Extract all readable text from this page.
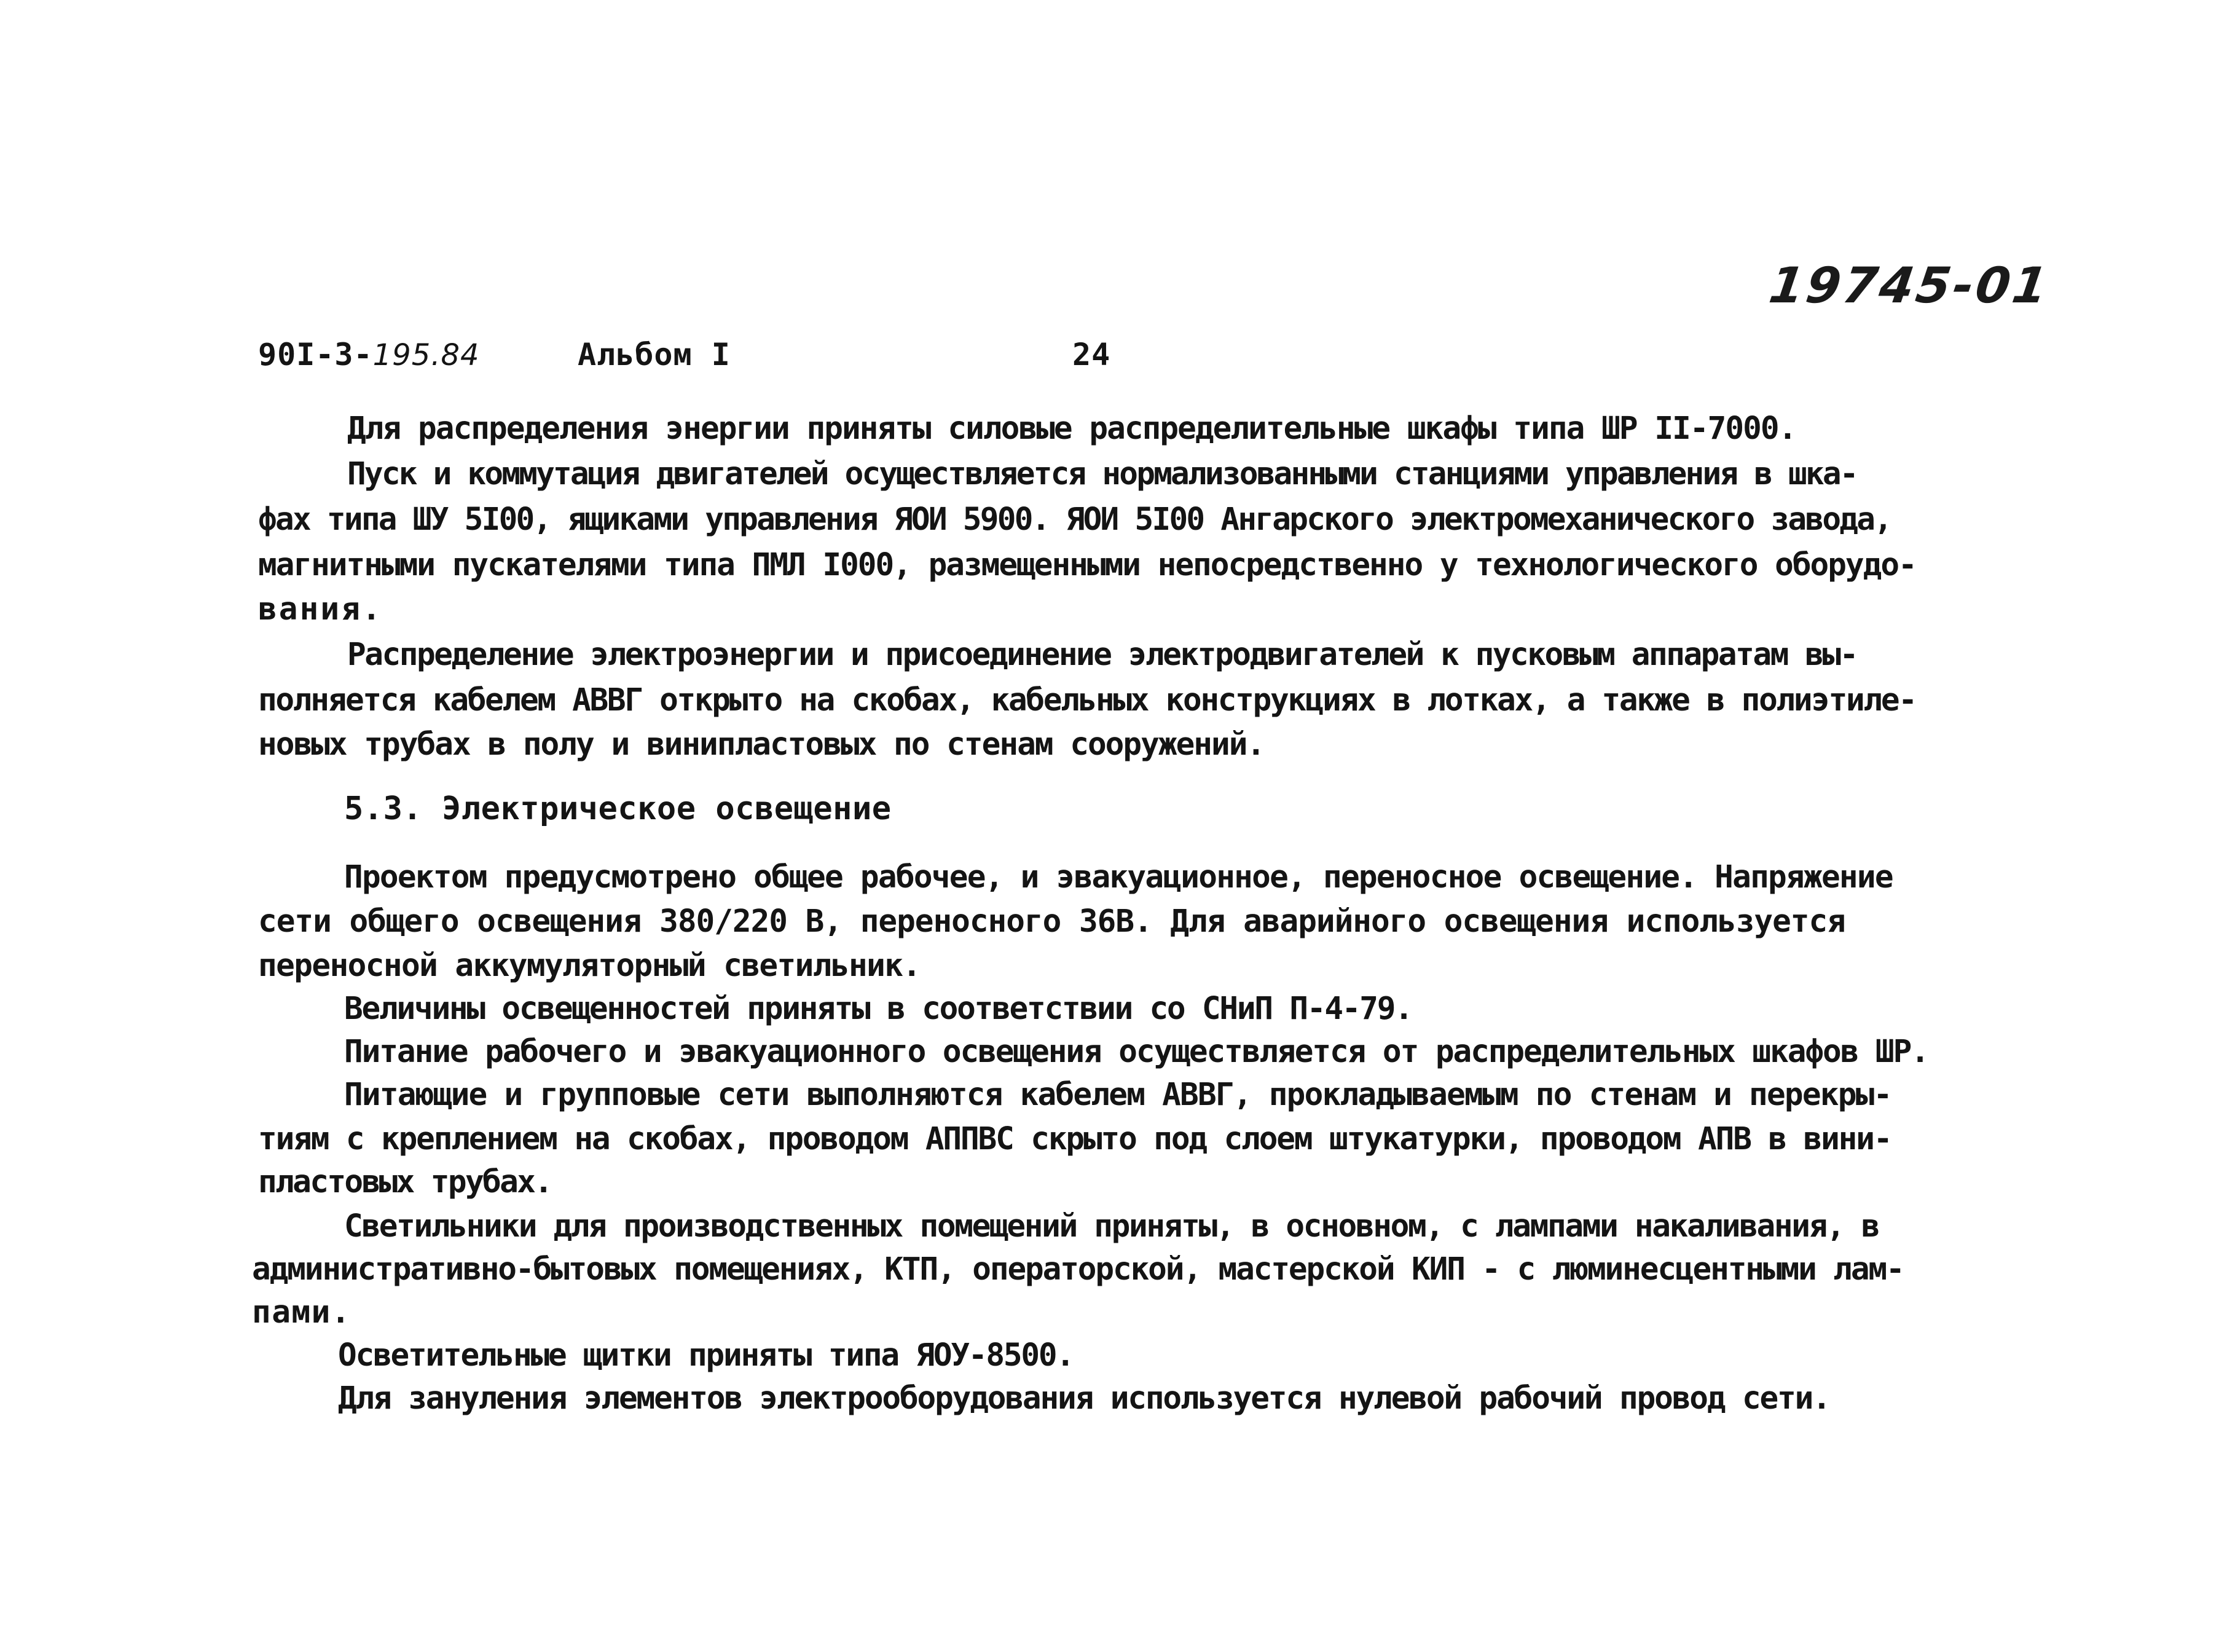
19745-01
90I-3-195.84	Альбом I	24
Для распределения энергии приняты силовые распределительные шкафы типа ШР II-7000.
Пуск и коммутация двигателей осуществляется нормализованными станциями управления в шка-
фах типа ШУ 5I00, ящиками управления ЯОИ 5900. ЯОИ 5I00 Ангарского электромеханического завода,
магнитными пускателями типа ПМЛ I000, размещенными непосредственно у технологического оборудо-
вания.
Распределение электроэнергии и присоединение электродвигателей к пусковым аппаратам вы-
полняется кабелем АВВГ открыто на скобах, кабельных конструкциях в лотках, а также в полиэтиле-
новых трубах в полу и винипластовых по стенам сооружений.
5.3. Электрическое освещение
Проектом предусмотрено общее рабочее, и эвакуационное, переносное освещение. Напряжение
сети общего освещения 380/220 В, переносного 36В. Для аварийного освещения используется
переносной аккумуляторный светильник.
Величины освещенностей приняты в соответствии со СНиП П-4-79.
Питание рабочего и эвакуационного освещения осуществляется от распределительных шкафов ШР.
Питающие и групповые сети выполняются кабелем АВВГ, прокладываемым по стенам и перекры-
тиям с креплением на скобах, проводом АППВС скрыто под слоем штукатурки, проводом АПВ в вини-
пластовых трубах.
Светильники для производственных помещений приняты, в основном, с лампами накаливания, в
административно-бытовых помещениях, КТП, операторской, мастерской КИП - с люминесцентными лам-
пами.
Осветительные щитки приняты типа ЯОУ-8500.
Для зануления элементов электрооборудования используется нулевой рабочий провод сети.
